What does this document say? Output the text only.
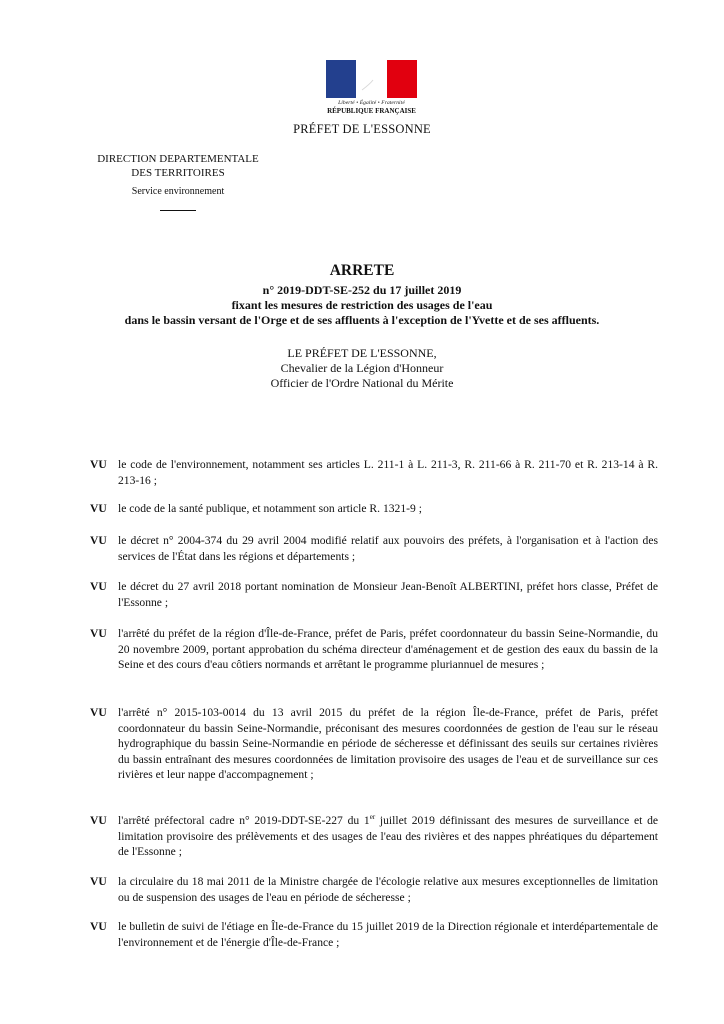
Liberté • Égalité • Fraternité
RÉPUBLIQUE FRANÇAISE
PRÉFET DE L'ESSONNE
DIRECTION DEPARTEMENTALE
DES TERRITOIRES
Service environnement
ARRETE
n° 2019-DDT-SE-252 du 17 juillet 2019
fixant les mesures de restriction des usages de l'eau
dans le bassin versant de l'Orge et de ses affluents à l'exception de l'Yvette et de ses affluents.
LE PRÉFET DE L'ESSONNE,
Chevalier de la Légion d'Honneur
Officier de l'Ordre National du Mérite
VU le code de l'environnement, notamment ses articles L. 211-1 à L. 211-3, R. 211-66 à R. 211-70 et R. 213-14 à R. 213-16 ;
VU le code de la santé publique, et notamment son article R. 1321-9 ;
VU le décret n° 2004-374 du 29 avril 2004 modifié relatif aux pouvoirs des préfets, à l'organisation et à l'action des services de l'État dans les régions et départements ;
VU le décret du 27 avril 2018 portant nomination de Monsieur Jean-Benoît ALBERTINI, préfet hors classe, Préfet de l'Essonne ;
VU l'arrêté du préfet de la région d'Île-de-France, préfet de Paris, préfet coordonnateur du bassin Seine-Normandie, du 20 novembre 2009, portant approbation du schéma directeur d'aménagement et de gestion des eaux du bassin de la Seine et des cours d'eau côtiers normands et arrêtant le programme pluriannuel de mesures ;
VU l'arrêté n° 2015-103-0014 du 13 avril 2015 du préfet de la région Île-de-France, préfet de Paris, préfet coordonnateur du bassin Seine-Normandie, préconisant des mesures coordonnées de gestion de l'eau sur le réseau hydrographique du bassin Seine-Normandie en période de sécheresse et définissant des seuils sur certaines rivières du bassin entraînant des mesures coordonnées de limitation provisoire des usages de l'eau et de surveillance sur ces rivières et leur nappe d'accompagnement ;
VU l'arrêté préfectoral cadre n° 2019-DDT-SE-227 du 1er juillet 2019 définissant des mesures de surveillance et de limitation provisoire des prélèvements et des usages de l'eau des rivières et des nappes phréatiques du département de l'Essonne ;
VU la circulaire du 18 mai 2011 de la Ministre chargée de l'écologie relative aux mesures exceptionnelles de limitation ou de suspension des usages de l'eau en période de sécheresse ;
VU le bulletin de suivi de l'étiage en Île-de-France du 15 juillet 2019 de la Direction régionale et interdépartementale de l'environnement et de l'énergie d'Île-de-France ;
